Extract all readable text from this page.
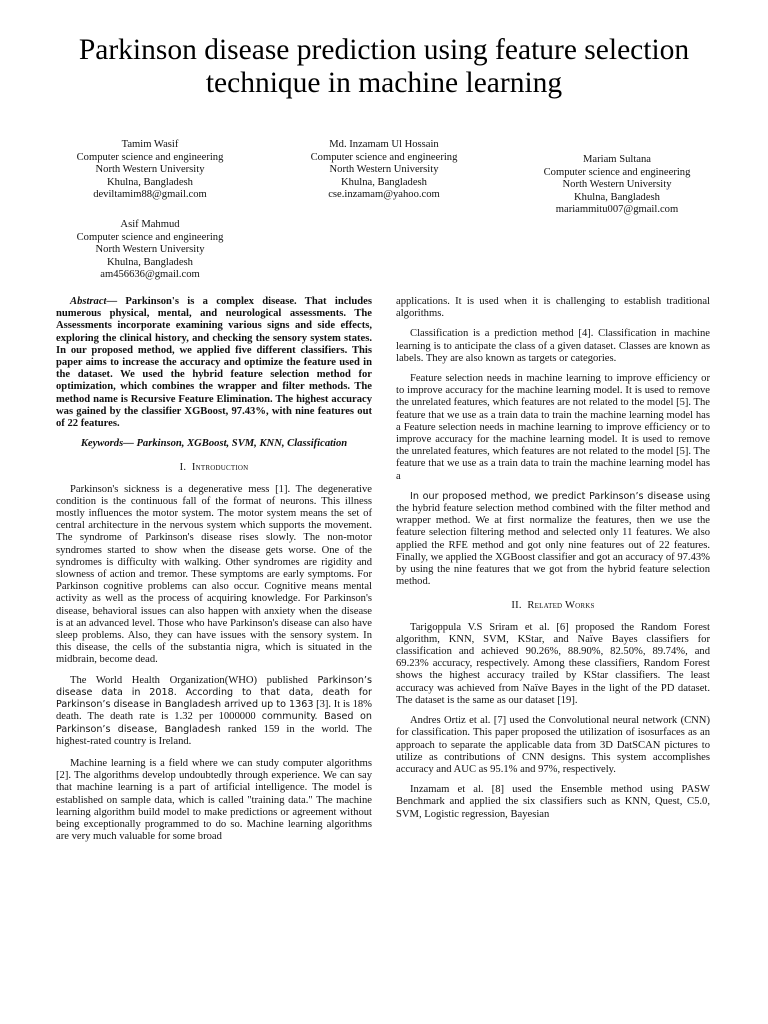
Parkinson disease prediction using feature selection technique in machine learning
Tamim Wasif
Computer science and engineering
North Western University
Khulna, Bangladesh
deviltamim88@gmail.com
Md. Inzamam Ul Hossain
Computer science and engineering
North Western University
Khulna, Bangladesh
cse.inzamam@yahoo.com
Mariam Sultana
Computer science and engineering
North Western University
Khulna, Bangladesh
mariammitu007@gmail.com
Asif Mahmud
Computer science and engineering
North Western University
Khulna, Bangladesh
am456636@gmail.com

Abstract— Parkinson's is a complex disease. That includes numerous physical, mental, and neurological assessments. The Assessments incorporate examining various signs and side effects, exploring the clinical history, and checking the sensory system states. In our proposed method, we applied five different classifiers. This paper aims to increase the accuracy and optimize the feature used in the dataset. We used the hybrid feature selection method for optimization, which combines the wrapper and filter methods. The method name is Recursive Feature Elimination. The highest accuracy was gained by the classifier XGBoost, 97.43%, with nine features out of 22 features.

Keywords— Parkinson, XGBoost, SVM, KNN, Classification
I. Introduction

Parkinson's sickness is a degenerative mess [1]. The degenerative condition is the continuous fall of the format of neurons. This illness mostly influences the motor system. The motor system means the set of central architecture in the nervous system which supports the movement. The syndrome of Parkinson's disease rises slowly. The non-motor syndromes started to show when the disease gets worse. One of the syndromes is difficulty with walking. Other syndromes are rigidity and slowness of action and tremor. These symptoms are early symptoms. For Parkinson cognitive problems can also occur. Cognitive means mental activity as well as the process of acquiring knowledge. For Parkinson's disease, behavioral issues can also happen with anxiety when the disease is at an advanced level. Those who have Parkinson's disease can also have sleep problems. Also, they can have issues with the sensory system. In this disease, the cells of the substantia nigra, which is situated in the midbrain, become dead.

The World Health Organization(WHO) published Parkinson’s disease data in 2018. According to that data, death for Parkinson’s disease in Bangladesh arrived up to 1363 [3]. It is 18% death. The death rate is 1.32 per 1000000 community. Based on Parkinson’s disease, Bangladesh ranked 159 in the world. The highest-rated country is Ireland.

Machine learning is a field where we can study computer algorithms [2]. The algorithms develop undoubtedly through experience. We can say that machine learning is a part of artificial intelligence. The model is established on sample data, which is called "training data." The machine learning algorithm build model to make predictions or agreement without being exceptionally programmed to do so. Machine learning algorithms are very much valuable for some broad

applications. It is used when it is challenging to establish traditional algorithms.

Classification is a prediction method [4]. Classification in machine learning is to anticipate the class of a given dataset. Classes are known as labels. They are also known as targets or categories.

Feature selection needs in machine learning to improve efficiency or to improve accuracy for the machine learning model. It is used to remove the unrelated features, which features are not related to the model [5]. The feature that we use as a train data to train the machine learning model has a Feature selection needs in machine learning to improve efficiency or to improve accuracy for the machine learning model. It is used to remove the unrelated features, which features are not related to the model [5]. The feature that we use as a train data to train the machine learning model has a

In our proposed method, we predict Parkinson’s disease using the hybrid feature selection method combined with the filter method and wrapper method. We at first normalize the features, then we use the feature selection filtering method and selected only 11 features. We also applied the RFE method and got only nine features out of 22 features. Finally, we applied the XGBoost classifier and got an accuracy of 97.43% by using the nine features that we got from the hybrid feature selection method.

II. Related Works

Tarigoppula V.S Sriram et al. [6] proposed the Random Forest algorithm, KNN, SVM, KStar, and Naïve Bayes classifiers for classification and achieved 90.26%, 88.90%, 82.50%, 89.74%, and 69.23% accuracy, respectively. Among these classifiers, Random Forest shows the highest accuracy trailed by KStar classifiers. The least accuracy was achieved from Naïve Bayes in the light of the PD dataset. The dataset is the same as our dataset [19].

Andres Ortiz et al. [7] used the Convolutional neural network (CNN) for classification. This paper proposed the utilization of isosurfaces as an approach to separate the applicable data from 3D DatSCAN pictures to utilize as contributions of CNN designs. This system accomplishes accuracy and AUC as 95.1% and 97%, respectively.

Inzamam et al. [8] used the Ensemble method using PASW Benchmark and applied the six classifiers such as KNN, Quest, C5.0, SVM, Logistic regression, Bayesian
